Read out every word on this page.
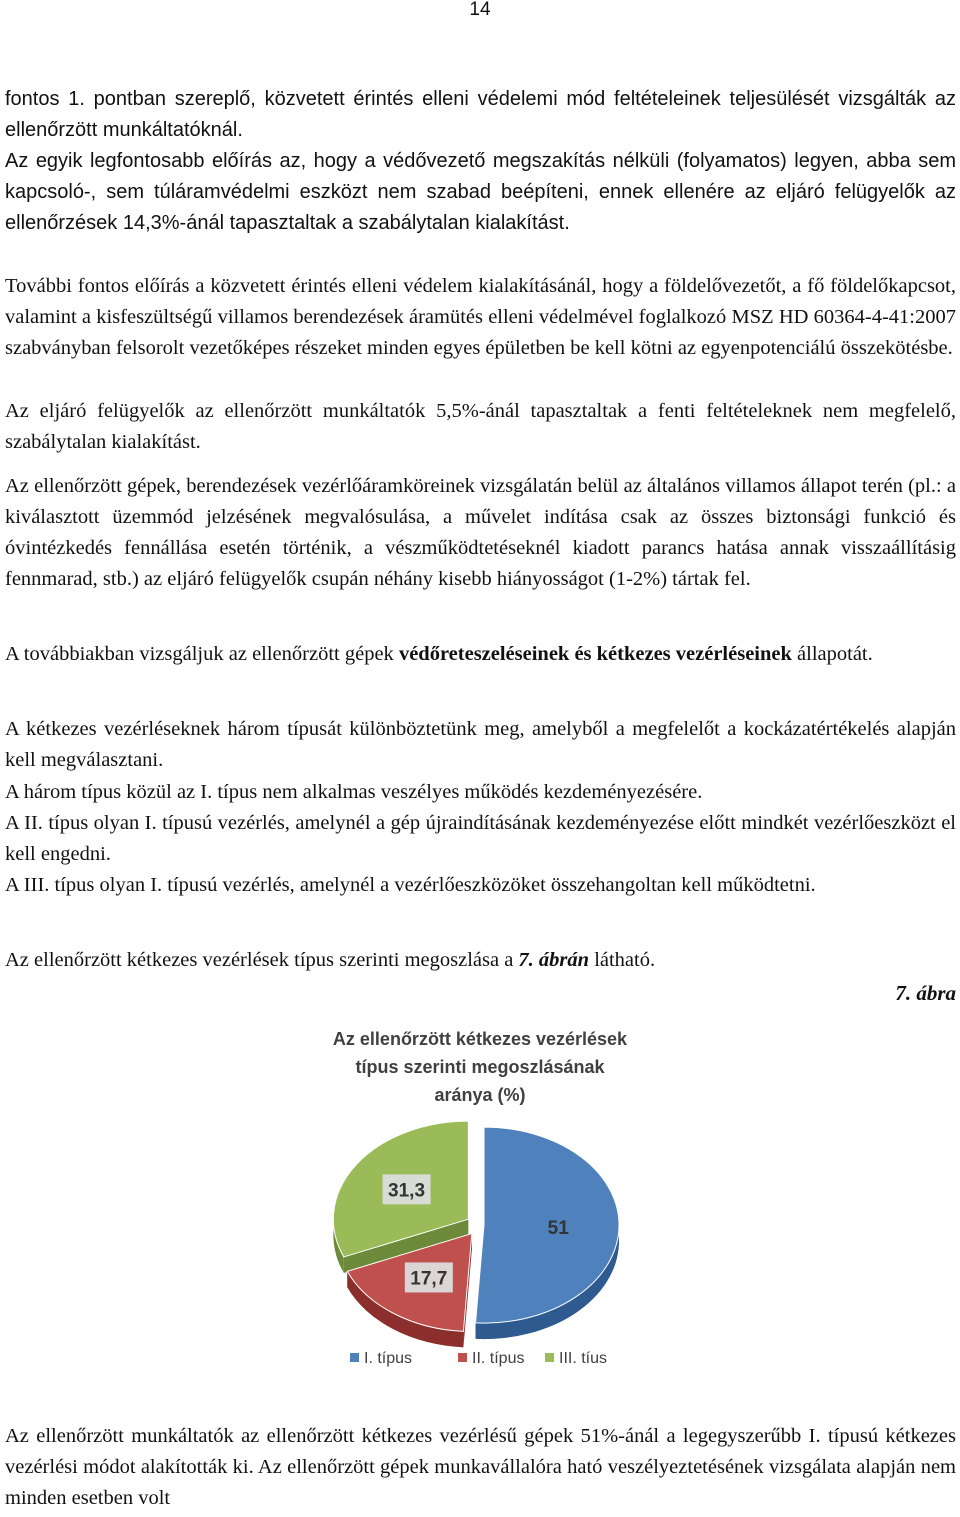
14

fontos 1. pontban szereplő, közvetett érintés elleni védelemi mód feltételeinek teljesülését vizsgálták az ellenőrzött munkáltatóknál.

Az egyik legfontosabb előírás az, hogy a védővezető megszakítás nélküli (folyamatos) legyen, abba sem kapcsoló-, sem túláramvédelmi eszközt nem szabad beépíteni, ennek ellenére az eljáró felügyelők az ellenőrzések 14,3%-ánál tapasztaltak a szabálytalan kialakítást.

További fontos előírás a közvetett érintés elleni védelem kialakításánál, hogy a földelővezetőt, a fő földelőkapcsot, valamint a kisfeszültségű villamos berendezések áramütés elleni védelmével foglalkozó MSZ HD 60364-4-41:2007 szabványban felsorolt vezetőképes részeket minden egyes épületben be kell kötni az egyenpotenciálú összekötésbe.

Az eljáró felügyelők az ellenőrzött munkáltatók 5,5%-ánál tapasztaltak a fenti feltételeknek nem megfelelő, szabálytalan kialakítást.

Az ellenőrzött gépek, berendezések vezérlőáramköreinek vizsgálatán belül az általános villamos állapot terén (pl.: a kiválasztott üzemmód jelzésének megvalósulása, a művelet indítása csak az összes biztonsági funkció és óvintézkedés fennállása esetén történik, a vészműködtetéseknél kiadott parancs hatása annak visszaállításig fennmarad, stb.) az eljáró felügyelők csupán néhány kisebb hiányosságot (1-2%) tártak fel.

A továbbiakban vizsgáljuk az ellenőrzött gépek védőreteszeléseinek és kétkezes vezérléseinek állapotát.

A kétkezes vezérléseknek három típusát különböztetünk meg, amelyből a megfelelőt a kockázatértékelés alapján kell megválasztani.

A három típus közül az I. típus nem alkalmas veszélyes működés kezdeményezésére.

A II. típus olyan I. típusú vezérlés, amelynél a gép újraindításának kezdeményezése előtt mindkét vezérlőeszközt el kell engedni.

A III. típus olyan I. típusú vezérlés, amelynél a vezérlőeszközöket összehangoltan kell működtetni.

Az ellenőrzött kétkezes vezérlések típus szerinti megoszlása a 7. ábrán látható.

7. ábra
Az ellenőrzött kétkezes vezérlések
típus szerinti megoszlásának
aránya (%)
51
17,7
31,3
I. típus	II. típus III. tíus

Az ellenőrzött munkáltatók az ellenőrzött kétkezes vezérlésű gépek 51%-ánál a legegyszerűbb I. típusú kétkezes vezérlési módot alakították ki. Az ellenőrzött gépek munkavállalóra ható veszélyeztetésének vizsgálata alapján nem minden esetben volt
